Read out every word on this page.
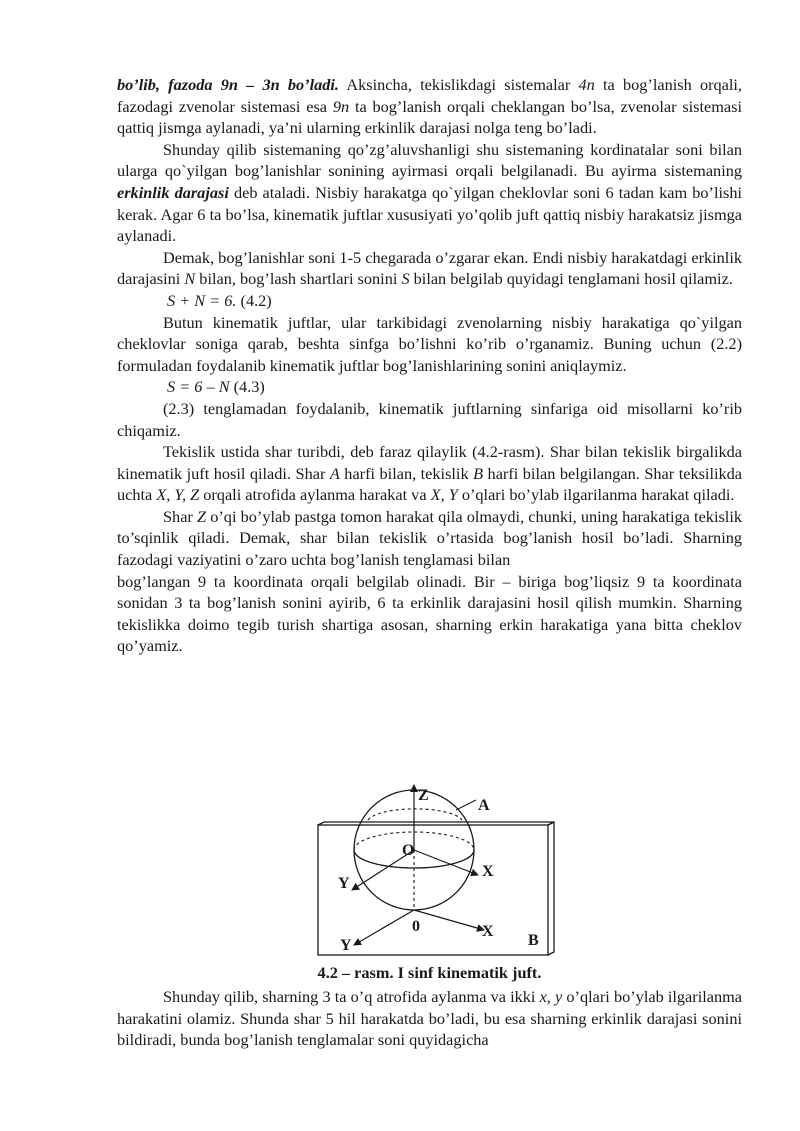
bo’lib, fazoda 9n – 3n bo’ladi. Aksincha, tekislikdagi sistemalar 4n ta bog’lanish orqali, fazodagi zvenolar sistemasi esa 9n ta bog’lanish orqali cheklangan bo’lsa, zvenolar sistemasi qattiq jismga aylanadi, ya’ni ularning erkinlik darajasi nolga teng bo’ladi.

Shunday qilib sistemaning qo’zg’aluvshanligi shu sistemaning kordinatalar soni bilan ularga qo`yilgan bog’lanishlar sonining ayirmasi orqali belgilanadi. Bu ayirma sistemaning erkinlik darajasi deb ataladi. Nisbiy harakatga qo`yilgan cheklovlar soni 6 tadan kam bo’lishi kerak. Agar 6 ta bo’lsa, kinematik juftlar xususiyati yo’qolib juft qattiq nisbiy harakatsiz jismga aylanadi.

Demak, bog’lanishlar soni 1-5 chegarada o’zgarar ekan. Endi nisbiy harakatdagi erkinlik darajasini N bilan, bog’lash shartlari sonini S bilan belgilab quyidagi tenglamani hosil qilamiz.

S + N = 6. (4.2)

Butun kinematik juftlar, ular tarkibidagi zvenolarning nisbiy harakatiga qo`yilgan cheklovlar soniga qarab, beshta sinfga bo’lishni ko’rib o’rganamiz. Buning uchun (2.2) formuladan foydalanib kinematik juftlar bog’lanishlarining sonini aniqlaymiz.

S = 6 – N (4.3)

(2.3) tenglamadan foydalanib, kinematik juftlarning sinfariga oid misollarni ko’rib chiqamiz.

Tekislik ustida shar turibdi, deb faraz qilaylik (4.2-rasm). Shar bilan tekislik birgalikda kinematik juft hosil qiladi. Shar A harfi bilan, tekislik B harfi bilan belgilangan. Shar teksilikda uchta X, Y, Z orqali atrofida aylanma harakat va X, Y o’qlari bo’ylab ilgarilanma harakat qiladi.

Shar Z o’qi bo’ylab pastga tomon harakat qila olmaydi, chunki, uning harakatiga tekislik to’sqinlik qiladi. Demak, shar bilan tekislik o’rtasida bog’lanish hosil bo’ladi. Sharning fazodagi vaziyatini o’zaro uchta bog’lanish tenglamasi bilan

bog’langan 9 ta koordinata orqali belgilab olinadi. Bir – biriga bog’liqsiz 9 ta koordinata sonidan 3 ta bog’lanish sonini ayirib, 6 ta erkinlik darajasini hosil qilish mumkin. Sharning tekislikka doimo tegib turish shartiga asosan, sharning erkin harakatiga yana bitta cheklov qo’yamiz.

Z
A
O
X
Y
0	X
Y	B

4.2 – rasm. I sinf kinematik juft.

Shunday qilib, sharning 3 ta o’q atrofida aylanma va ikki x, y o’qlari bo’ylab ilgarilanma harakatini olamiz. Shunda shar 5 hil harakatda bo’ladi, bu esa sharning erkinlik darajasi sonini bildiradi, bunda bog’lanish tenglamalar soni quyidagicha
